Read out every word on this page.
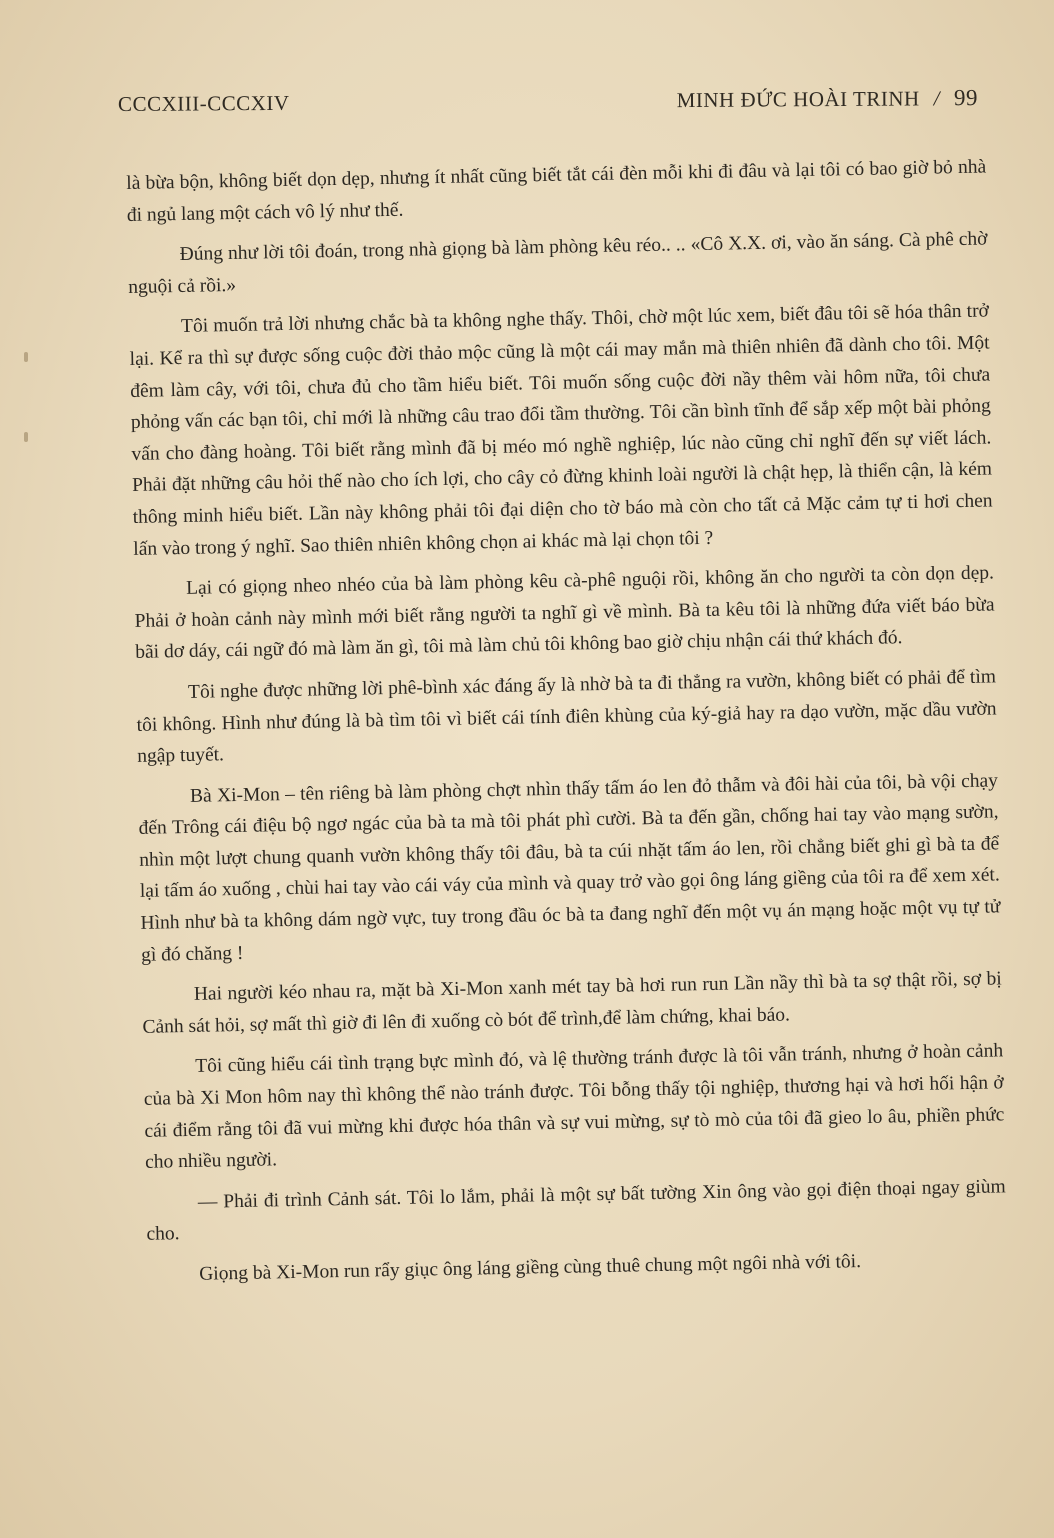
CCCXIII-CCCXIV	MINH ĐỨC HOÀI TRINH / 99

là bừa bộn, không biết dọn dẹp, nhưng ít nhất cũng biết tắt cái đèn mỗi khi đi đâu và lại tôi có bao giờ bỏ nhà đi ngủ lang một cách vô lý như thế.

Đúng như lời tôi đoán, trong nhà giọng bà làm phòng kêu réo.. .. «Cô X.X. ơi, vào ăn sáng. Cà phê chờ nguội cả rồi.»

Tôi muốn trả lời nhưng chắc bà ta không nghe thấy. Thôi, chờ một lúc xem, biết đâu tôi sẽ hóa thân trở lại. Kể ra thì sự được sống cuộc đời thảo mộc cũng là một cái may mắn mà thiên nhiên đã dành cho tôi. Một đêm làm cây, với tôi, chưa đủ cho tầm hiểu biết. Tôi muốn sống cuộc đời nầy thêm vài hôm nữa, tôi chưa phỏng vấn các bạn tôi, chỉ mới là những câu trao đổi tầm thường. Tôi cần bình tĩnh để sắp xếp một bài phỏng vấn cho đàng hoàng. Tôi biết rằng mình đã bị méo mó nghề nghiệp, lúc nào cũng chỉ nghĩ đến sự viết lách. Phải đặt những câu hỏi thế nào cho ích lợi, cho cây cỏ đừng khinh loài người là chật hẹp, là thiển cận, là kém thông minh hiểu biết. Lần này không phải tôi đại diện cho tờ báo mà còn cho tất cả Mặc cảm tự ti hơi chen lấn vào trong ý nghĩ. Sao thiên nhiên không chọn ai khác mà lại chọn tôi ?

Lại có giọng nheo nhéo của bà làm phòng kêu cà-phê nguội rồi, không ăn cho người ta còn dọn dẹp. Phải ở hoàn cảnh này mình mới biết rằng người ta nghĩ gì về mình. Bà ta kêu tôi là những đứa viết báo bừa bãi dơ dáy, cái ngữ đó mà làm ăn gì, tôi mà làm chủ tôi không bao giờ chịu nhận cái thứ khách đó.

Tôi nghe được những lời phê-bình xác đáng ấy là nhờ bà ta đi thẳng ra vườn, không biết có phải để tìm tôi không. Hình như đúng là bà tìm tôi vì biết cái tính điên khùng của ký-giả hay ra dạo vườn, mặc dầu vườn ngập tuyết.

Bà Xi-Mon – tên riêng bà làm phòng chợt nhìn thấy tấm áo len đỏ thẫm và đôi hài của tôi, bà vội chạy đến Trông cái điệu bộ ngơ ngác của bà ta mà tôi phát phì cười. Bà ta đến gần, chống hai tay vào mạng sườn, nhìn một lượt chung quanh vườn không thấy tôi đâu, bà ta cúi nhặt tấm áo len, rồi chẳng biết ghi gì bà ta để lại tấm áo xuống , chùi hai tay vào cái váy của mình và quay trở vào gọi ông láng giềng của tôi ra để xem xét. Hình như bà ta không dám ngờ vực, tuy trong đầu óc bà ta đang nghĩ đến một vụ án mạng hoặc một vụ tự tử gì đó chăng !

Hai người kéo nhau ra, mặt bà Xi-Mon xanh mét tay bà hơi run run Lần nầy thì bà ta sợ thật rồi, sợ bị Cảnh sát hỏi, sợ mất thì giờ đi lên đi xuống cò bót để trình,để làm chứng, khai báo.

Tôi cũng hiểu cái tình trạng bực mình đó, và lệ thường tránh được là tôi vẫn tránh, nhưng ở hoàn cảnh của bà Xi Mon hôm nay thì không thể nào tránh được. Tôi bỗng thấy tội nghiệp, thương hại và hơi hối hận ở cái điểm rằng tôi đã vui mừng khi được hóa thân và sự vui mừng, sự tò mò của tôi đã gieo lo âu, phiền phức cho nhiều người.

— Phải đi trình Cảnh sát. Tôi lo lắm, phải là một sự bất tường Xin ông vào gọi điện thoại ngay giùm cho.

Giọng bà Xi-Mon run rẩy giục ông láng giềng cùng thuê chung một ngôi nhà với tôi.
